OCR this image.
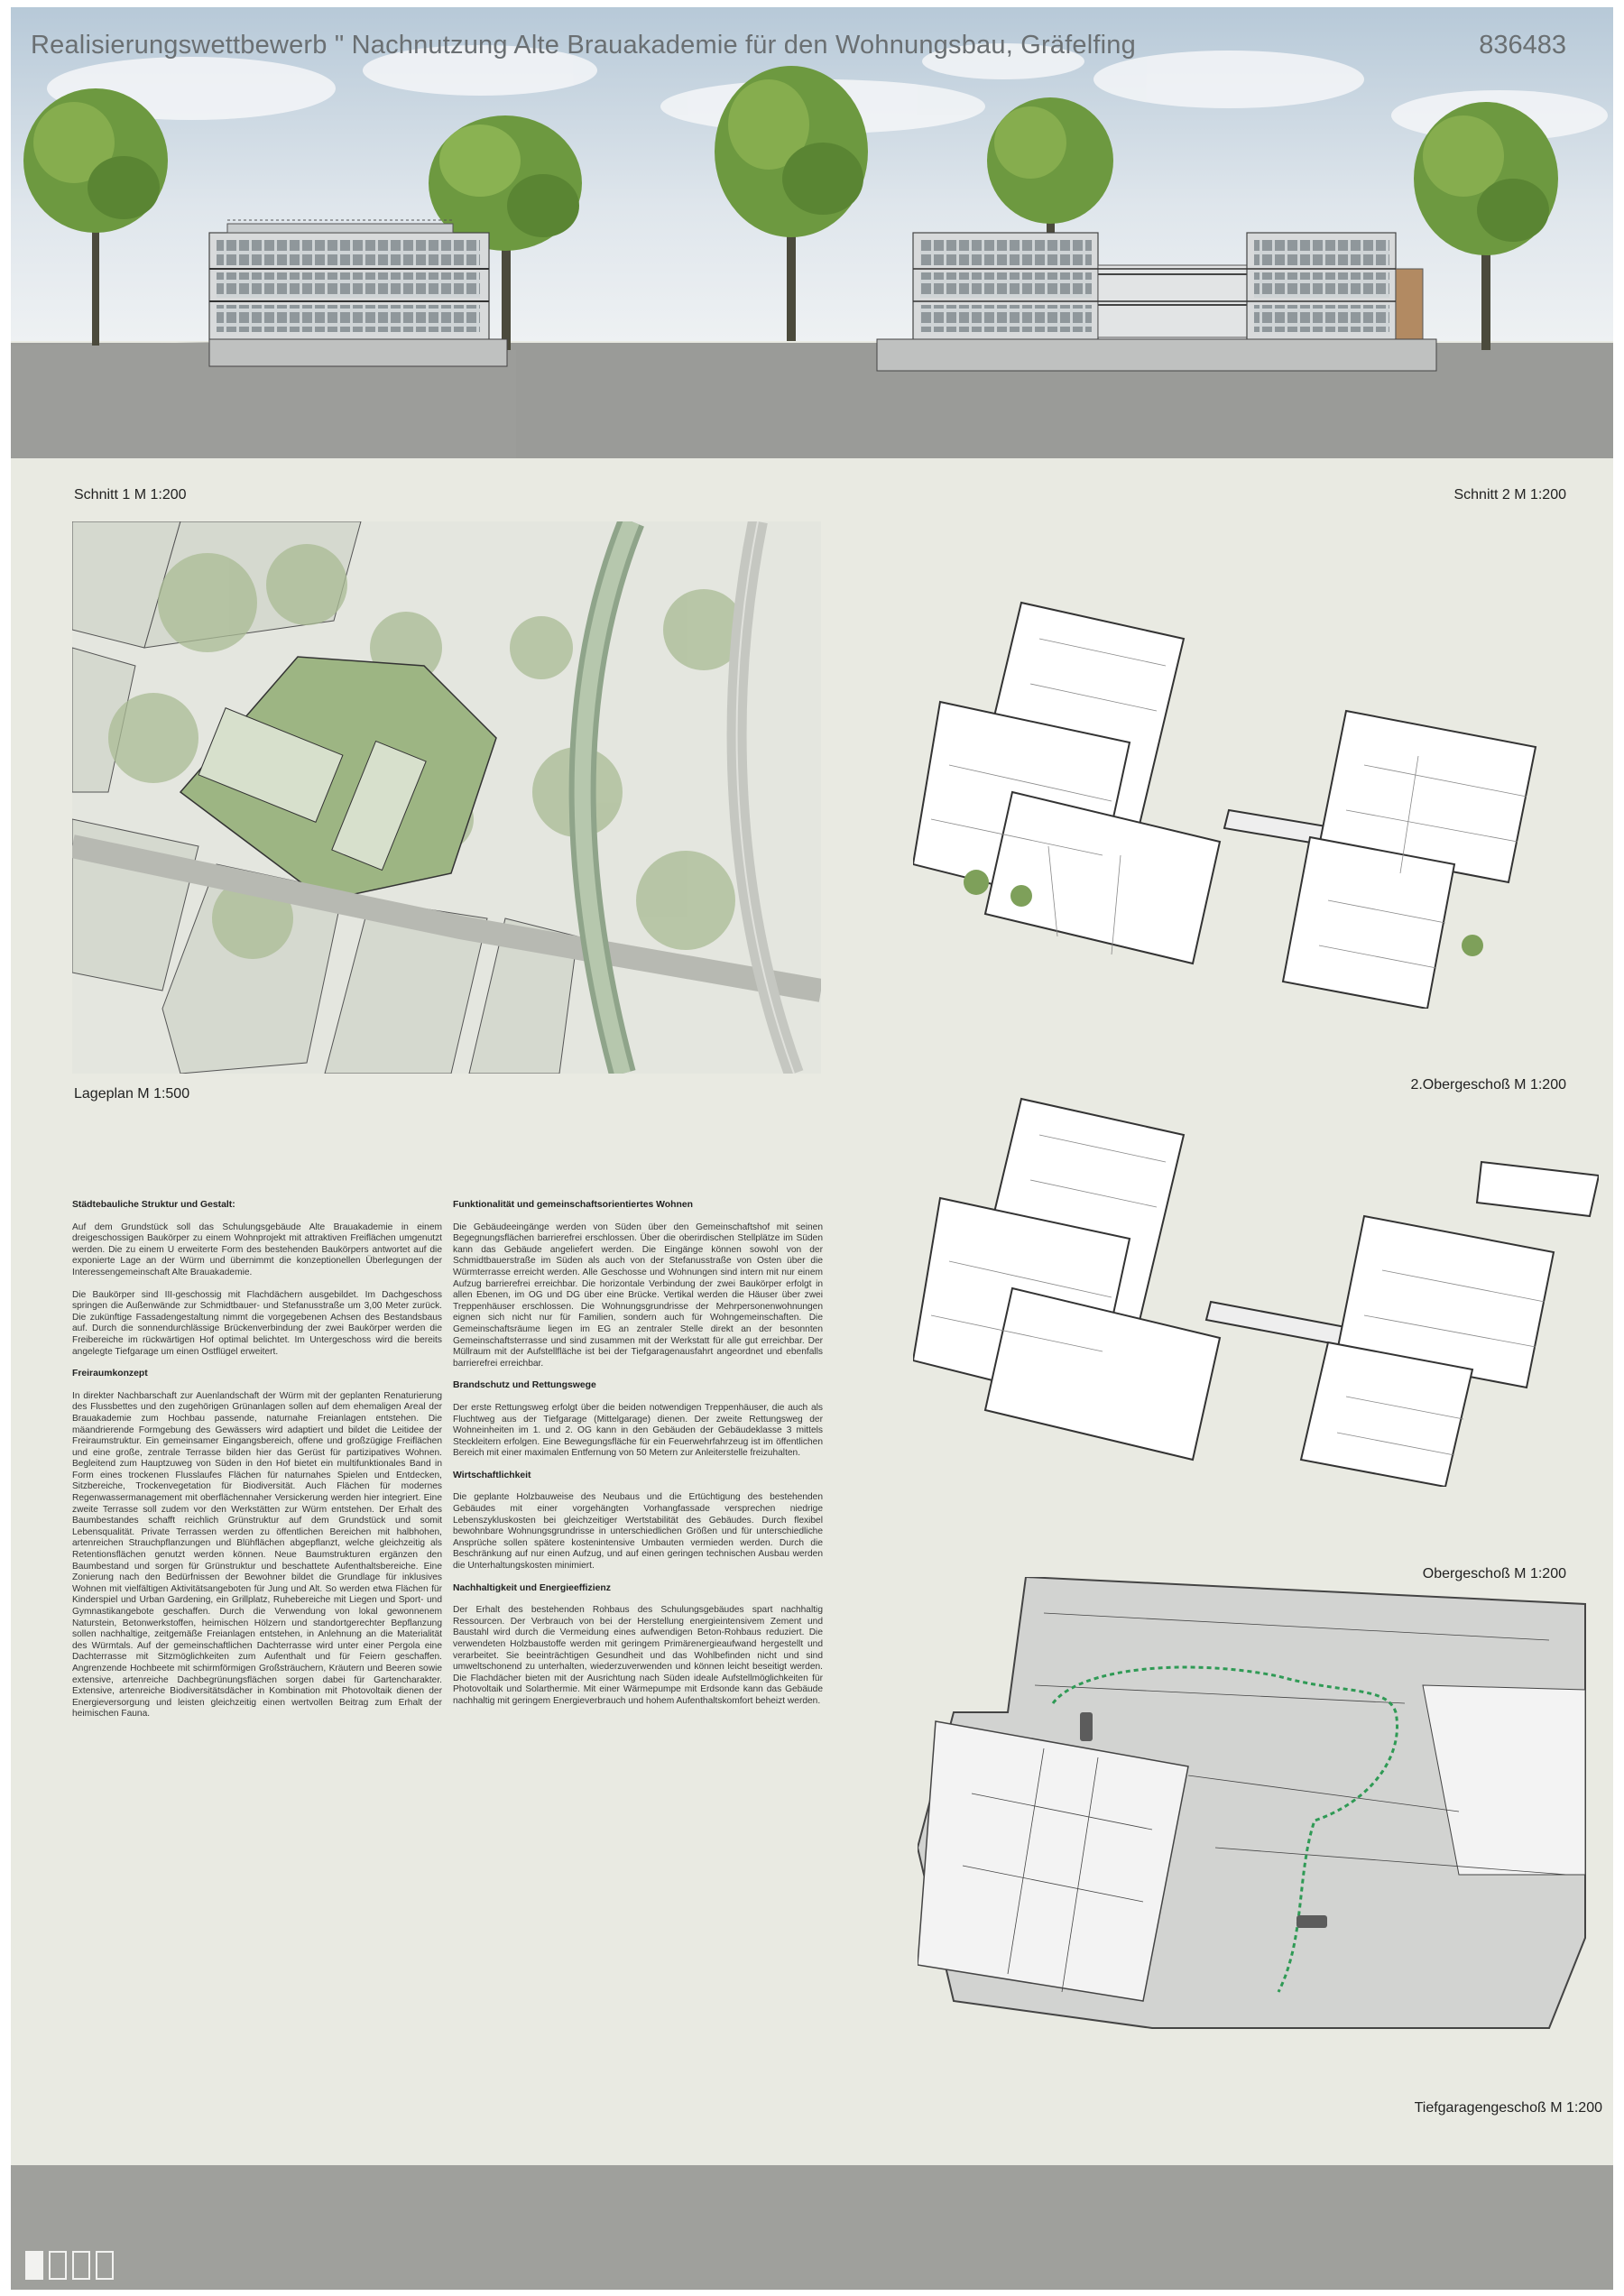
Realisierungswettbewerb " Nachnutzung Alte Brauakademie für den Wohnungsbau, Gräfelfing	836483
Schnitt 1 M 1:200	Schnitt 2 M 1:200
Lageplan M 1:500
2.Obergeschoß M 1:200
Obergeschoß M 1:200
Tiefgaragengeschoß M 1:200
Städtebauliche Struktur und Gestalt:

Auf dem Grundstück soll das Schulungsgebäude Alte Brauakademie in einem dreigeschossigen Baukörper zu einem Wohnprojekt mit attraktiven Freiflächen umgenutzt werden. Die zu einem U erweiterte Form des bestehenden Baukörpers antwortet auf die exponierte Lage an der Würm und übernimmt die konzeptionellen Überlegungen der Interessengemeinschaft Alte Brauakademie.

Die Baukörper sind III-geschossig mit Flachdächern ausgebildet. Im Dachgeschoss springen die Außenwände zur Schmidtbauer- und Stefanusstraße um 3,00 Meter zurück. Die zukünftige Fassadengestaltung nimmt die vorgegebenen Achsen des Bestandsbaus auf. Durch die sonnendurchlässige Brückenverbindung der zwei Baukörper werden die Freibereiche im rückwärtigen Hof optimal belichtet. Im Untergeschoss wird die bereits angelegte Tiefgarage um einen Ostflügel erweitert.

Freiraumkonzept

In direkter Nachbarschaft zur Auenlandschaft der Würm mit der geplanten Renaturierung des Flussbettes und den zugehörigen Grünanlagen sollen auf dem ehemaligen Areal der Brauakademie zum Hochbau passende, naturnahe Freianlagen entstehen. Die mäandrierende Formgebung des Gewässers wird adaptiert und bildet die Leitidee der Freiraumstruktur. Ein gemeinsamer Eingangsbereich, offene und großzügige Freiflächen und eine große, zentrale Terrasse bilden hier das Gerüst für partizipatives Wohnen. Begleitend zum Hauptzuweg von Süden in den Hof bietet ein multifunktionales Band in Form eines trockenen Flusslaufes Flächen für naturnahes Spielen und Entdecken, Sitzbereiche, Trockenvegetation für Biodiversität. Auch Flächen für modernes Regenwassermanagement mit oberflächennaher Versickerung werden hier integriert. Eine zweite Terrasse soll zudem vor den Werkstätten zur Würm entstehen. Der Erhalt des Baumbestandes schafft reichlich Grünstruktur auf dem Grundstück und somit Lebensqualität. Private Terrassen werden zu öffentlichen Bereichen mit halbhohen, artenreichen Strauchpflanzungen und Blühflächen abgepflanzt, welche gleichzeitig als Retentionsflächen genutzt werden können. Neue Baumstrukturen ergänzen den Baumbestand und sorgen für Grünstruktur und beschattete Aufenthaltsbereiche. Eine Zonierung nach den Bedürfnissen der Bewohner bildet die Grundlage für inklusives Wohnen mit vielfältigen Aktivitätsangeboten für Jung und Alt. So werden etwa Flächen für Kinderspiel und Urban Gardening, ein Grillplatz, Ruhebereiche mit Liegen und Sport- und Gymnastikangebote geschaffen. Durch die Verwendung von lokal gewonnenem Naturstein, Betonwerkstoffen, heimischen Hölzern und standortgerechter Bepflanzung sollen nachhaltige, zeitgemäße Freianlagen entstehen, in Anlehnung an die Materialität des Würmtals. Auf der gemeinschaftlichen Dachterrasse wird unter einer Pergola eine Dachterrasse mit Sitzmöglichkeiten zum Aufenthalt und für Feiern geschaffen. Angrenzende Hochbeete mit schirmförmigen Großsträuchern, Kräutern und Beeren sowie extensive, artenreiche Dachbegrünungsflächen sorgen dabei für Gartencharakter. Extensive, artenreiche Biodiversitätsdächer in Kombination mit Photovoltaik dienen der Energieversorgung und leisten gleichzeitig einen wertvollen Beitrag zum Erhalt der heimischen Fauna.

Funktionalität und gemeinschaftsorientiertes Wohnen

Die Gebäudeeingänge werden von Süden über den Gemeinschaftshof mit seinen Begegnungsflächen barrierefrei erschlossen. Über die oberirdischen Stellplätze im Süden kann das Gebäude angeliefert werden. Die Eingänge können sowohl von der Schmidtbauerstraße im Süden als auch von der Stefanusstraße von Osten über die Würmterrasse erreicht werden. Alle Geschosse und Wohnungen sind intern mit nur einem Aufzug barrierefrei erreichbar. Die horizontale Verbindung der zwei Baukörper erfolgt in allen Ebenen, im OG und DG über eine Brücke. Vertikal werden die Häuser über zwei Treppenhäuser erschlossen. Die Wohnungsgrundrisse der Mehrpersonenwohnungen eignen sich nicht nur für Familien, sondern auch für Wohngemeinschaften. Die Gemeinschaftsräume liegen im EG an zentraler Stelle direkt an der besonnten Gemeinschaftsterrasse und sind zusammen mit der Werkstatt für alle gut erreichbar. Der Müllraum mit der Aufstellfläche ist bei der Tiefgaragenausfahrt angeordnet und ebenfalls barrierefrei erreichbar.

Brandschutz und Rettungswege

Der erste Rettungsweg erfolgt über die beiden notwendigen Treppenhäuser, die auch als Fluchtweg aus der Tiefgarage (Mittelgarage) dienen. Der zweite Rettungsweg der Wohneinheiten im 1. und 2. OG kann in den Gebäuden der Gebäudeklasse 3 mittels Steckleitern erfolgen. Eine Bewegungsfläche für ein Feuerwehrfahrzeug ist im öffentlichen Bereich mit einer maximalen Entfernung von 50 Metern zur Anleiterstelle freizuhalten.

Wirtschaftlichkeit

Die geplante Holzbauweise des Neubaus und die Ertüchtigung des bestehenden Gebäudes mit einer vorgehängten Vorhangfassade versprechen niedrige Lebenszykluskosten bei gleichzeitiger Wertstabilität des Gebäudes. Durch flexibel bewohnbare Wohnungsgrundrisse in unterschiedlichen Größen und für unterschiedliche Ansprüche sollen spätere kostenintensive Umbauten vermieden werden. Durch die Beschränkung auf nur einen Aufzug, und auf einen geringen technischen Ausbau werden die Unterhaltungskosten minimiert.

Nachhaltigkeit und Energieeffizienz

Der Erhalt des bestehenden Rohbaus des Schulungsgebäudes spart nachhaltig Ressourcen. Der Verbrauch von bei der Herstellung energieintensivem Zement und Baustahl wird durch die Vermeidung eines aufwendigen Beton-Rohbaus reduziert. Die verwendeten Holzbaustoffe werden mit geringem Primärenergieaufwand hergestellt und verarbeitet. Sie beeinträchtigen Gesundheit und das Wohlbefinden nicht und sind umweltschonend zu unterhalten, wiederzuverwenden und können leicht beseitigt werden. Die Flachdächer bieten mit der Ausrichtung nach Süden ideale Aufstellmöglichkeiten für Photovoltaik und Solarthermie. Mit einer Wärmepumpe mit Erdsonde kann das Gebäude nachhaltig mit geringem Energieverbrauch und hohem Aufenthaltskomfort beheizt werden.
